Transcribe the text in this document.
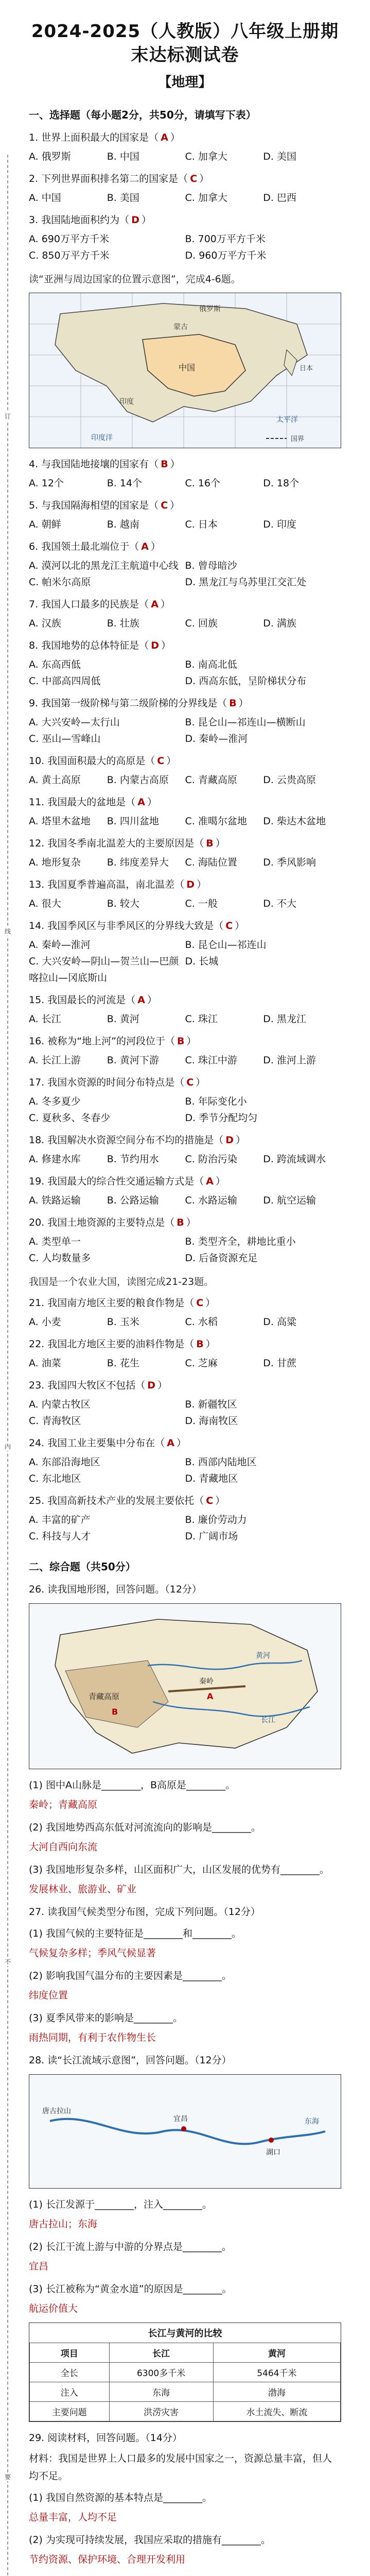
订
线
内
不
要
2024-2025（人教版）八年级上册期末达标测试卷
【地理】
一、选择题（每小题2分，共50分，请填写下表）
1. 世界上面积最大的国家是（ A ）
A. 俄罗斯	B. 中国	C. 加拿大	D. 美国
2. 下列世界面积排名第二的国家是（ C ）
A. 中国	B. 美国	C. 加拿大	D. 巴西
3. 我国陆地面积约为（ D ）
A. 690万平方千米	B. 700万平方千米
C. 850万平方千米	D. 960万平方千米
读“亚洲与周边国家的位置示意图”，完成4-6题。
中国
蒙古
俄罗斯
日本
印度
太平洋
印度洋	国界
4. 与我国陆地接壤的国家有（ B ）
A. 12个	B. 14个	C. 16个	D. 18个
5. 与我国隔海相望的国家是（ C ）
A. 朝鲜	B. 越南	C. 日本	D. 印度
6. 我国领土最北端位于（ A ）
A. 漠河以北的黑龙江主航道中心线 B. 曾母暗沙
C. 帕米尔高原	D. 黑龙江与乌苏里江交汇处
7. 我国人口最多的民族是（ A ）
A. 汉族	B. 壮族	C. 回族	D. 满族
8. 我国地势的总体特征是（ D ）
A. 东高西低	B. 南高北低
C. 中部高四周低	D. 西高东低，呈阶梯状分布
9. 我国第一级阶梯与第二级阶梯的分界线是（ B ）
A. 大兴安岭—太行山	B. 昆仑山—祁连山—横断山
C. 巫山—雪峰山	D. 秦岭—淮河
10. 我国面积最大的高原是（ C ）
A. 黄土高原	B. 内蒙古高原	C. 青藏高原	D. 云贵高原
11. 我国最大的盆地是（ A ）
A. 塔里木盆地	B. 四川盆地	C. 准噶尔盆地	D. 柴达木盆地
12. 我国冬季南北温差大的主要原因是（ B ）
A. 地形复杂	B. 纬度差异大	C. 海陆位置	D. 季风影响
13. 我国夏季普遍高温，南北温差（ D ）
A. 很大	B. 较大	C. 一般	D. 不大
14. 我国季风区与非季风区的分界线大致是（ C ）
A. 秦岭—淮河	B. 昆仑山—祁连山
C. 大兴安岭—阴山—贺兰山—巴颜喀拉山—冈底斯山
D. 长城
15. 我国最长的河流是（ A ）
A. 长江	B. 黄河	C. 珠江	D. 黑龙江
16. 被称为“地上河”的河段位于（ B ）
A. 长江上游	B. 黄河下游	C. 珠江中游	D. 淮河上游
17. 我国水资源的时间分布特点是（ C ）
A. 冬多夏少	B. 年际变化小
C. 夏秋多、冬春少	D. 季节分配均匀
18. 我国解决水资源空间分布不均的措施是（ D ）
A. 修建水库	B. 节约用水	C. 防治污染	D. 跨流域调水
19. 我国最大的综合性交通运输方式是（ A ）
A. 铁路运输	B. 公路运输	C. 水路运输	D. 航空运输
20. 我国土地资源的主要特点是（ B ）
A. 类型单一	B. 类型齐全，耕地比重小
C. 人均数量多	D. 后备资源充足
我国是一个农业大国，读图完成21-23题。
21. 我国南方地区主要的粮食作物是（ C ）
A. 小麦	B. 玉米	C. 水稻	D. 高粱
22. 我国北方地区主要的油料作物是（ B ）
A. 油菜	B. 花生	C. 芝麻	D. 甘蔗
23. 我国四大牧区不包括（ D ）
A. 内蒙古牧区	B. 新疆牧区
C. 青海牧区	D. 海南牧区
24. 我国工业主要集中分布在（ A ）
A. 东部沿海地区	B. 西部内陆地区
C. 东北地区	D. 青藏地区
25. 我国高新技术产业的发展主要依托（ C ）
A. 丰富的矿产	B. 廉价劳动力
C. 科技与人才	D. 广阔市场
二、综合题（共50分）
26. 读我国地形图，回答问题。（12分）
青藏高原
秦岭
长江
黄河
A
B
(1) 图中A山脉是________，B高原是________。
秦岭；青藏高原
(2) 我国地势西高东低对河流流向的影响是________。
大河自西向东流
(3) 我国地形复杂多样，山区面积广大，山区发展的优势有________。
发展林业、旅游业、矿业
27. 读我国气候类型分布图，完成下列问题。（12分）
(1) 我国气候的主要特征是________和________。
气候复杂多样；季风气候显著
(2) 影响我国气温分布的主要因素是________。
纬度位置
(3) 夏季风带来的影响是________。
雨热同期，有利于农作物生长
28. 读“长江流域示意图”，回答问题。（12分）
宜昌
湖口
东海
唐古拉山
(1) 长江发源于________，注入________。
唐古拉山；东海
(2) 长江干流上游与中游的分界点是________。
宜昌
(3) 长江被称为“黄金水道”的原因是________。
航运价值大
长江与黄河的比较
项目	长江	黄河
全长	6300多千米	5464千米
注入	东海	渤海
主要问题	洪涝灾害	水土流失、断流
29. 阅读材料，回答问题。（14分）
材料：我国是世界上人口最多的发展中国家之一，资源总量丰富，但人均不足。
(1) 我国自然资源的基本特点是________。
总量丰富，人均不足
(2) 为实现可持续发展，我国应采取的措施有________。
节约资源、保护环境、合理开发利用
